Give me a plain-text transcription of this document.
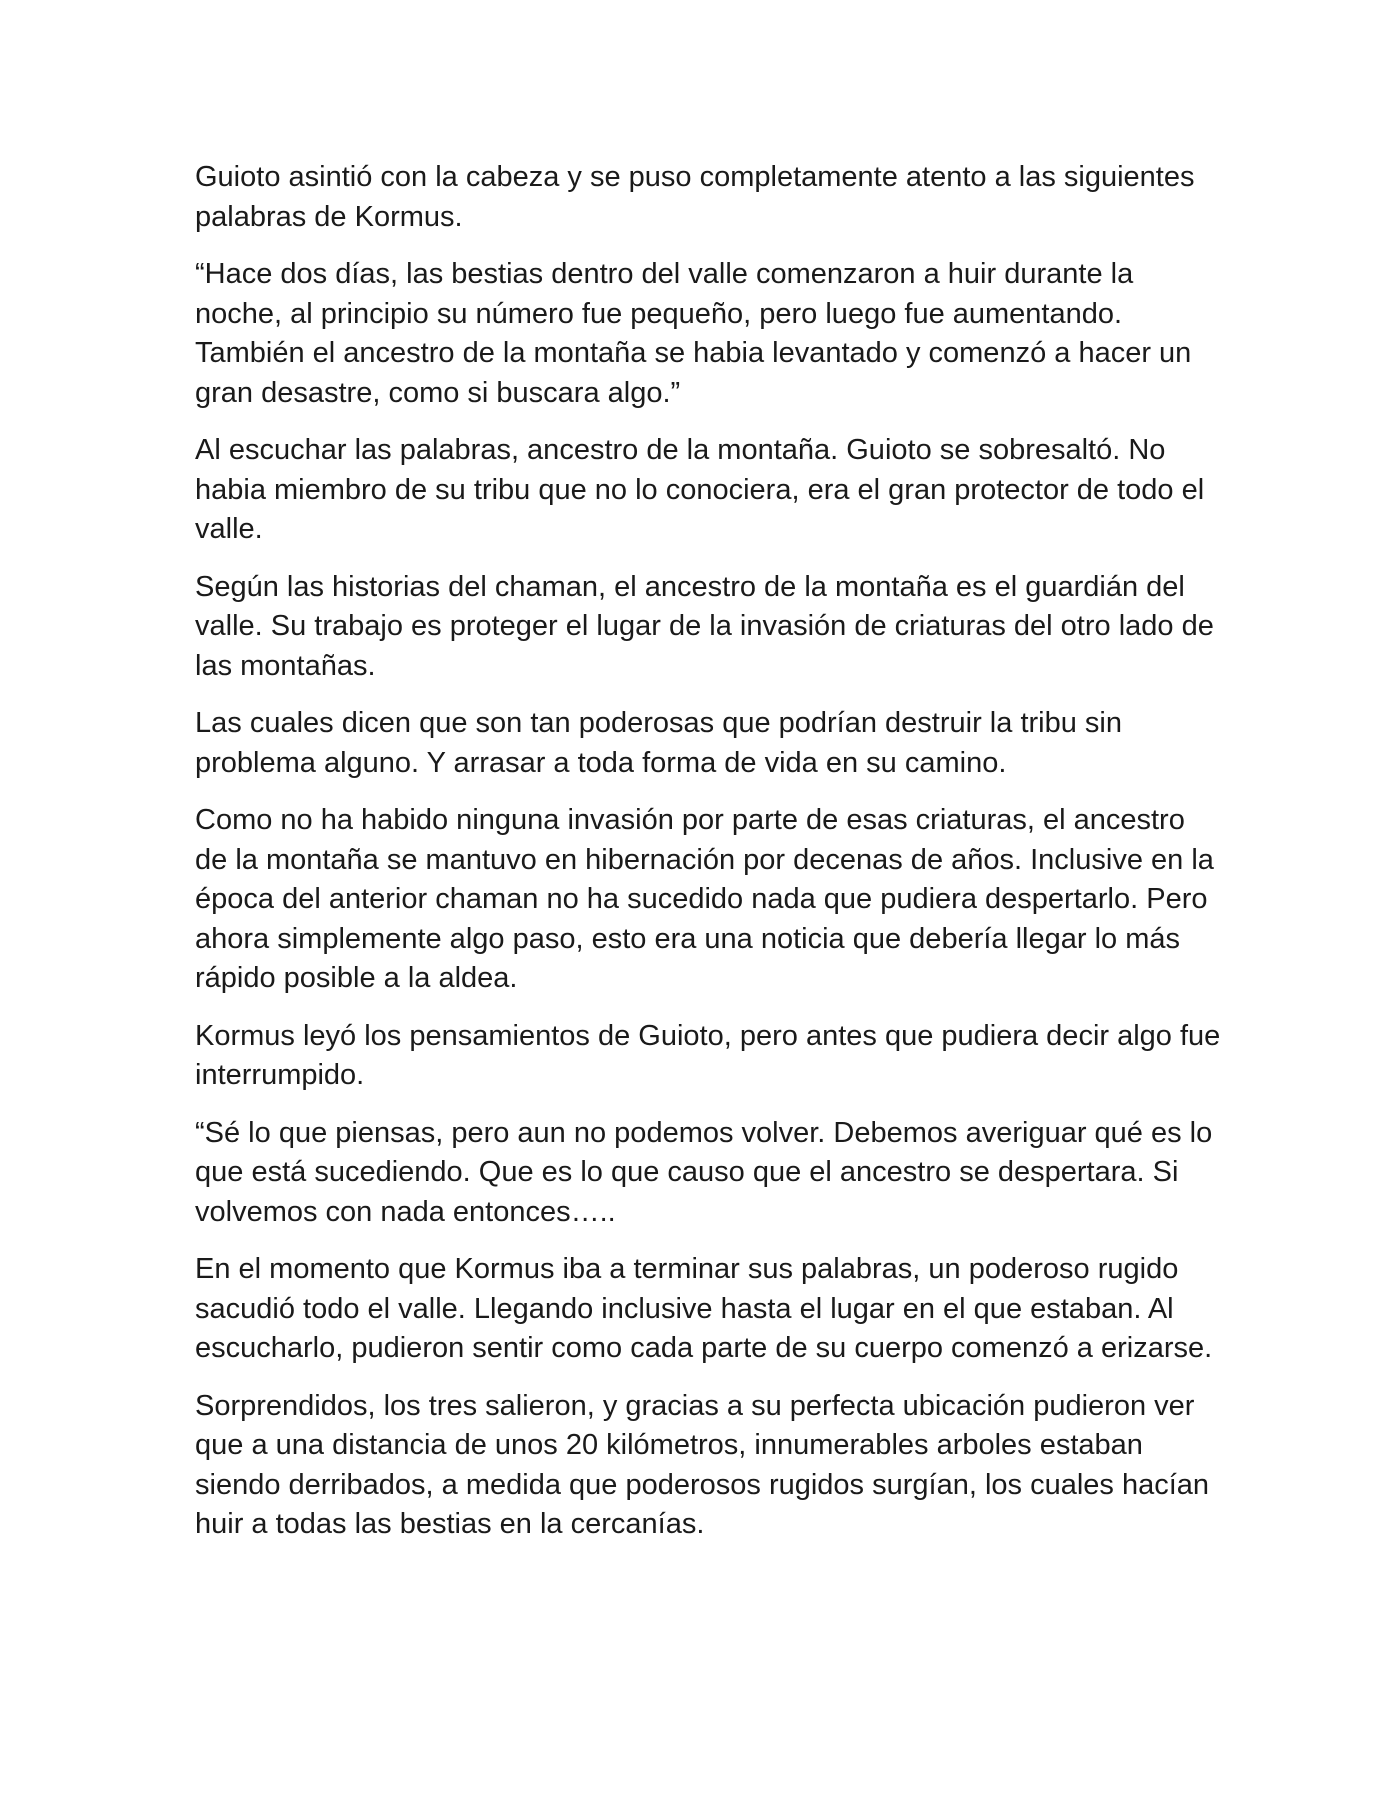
Guioto asintió con la cabeza y se puso completamente atento a las siguientes palabras de Kormus.

“Hace dos días, las bestias dentro del valle comenzaron a huir durante la noche, al principio su número fue pequeño, pero luego fue aumentando. También el ancestro de la montaña se habia levantado y comenzó a hacer un gran desastre, como si buscara algo.”

Al escuchar las palabras, ancestro de la montaña. Guioto se sobresaltó. No habia miembro de su tribu que no lo conociera, era el gran protector de todo el valle.

Según las historias del chaman, el ancestro de la montaña es el guardián del valle. Su trabajo es proteger el lugar de la invasión de criaturas del otro lado de las montañas.

Las cuales dicen que son tan poderosas que podrían destruir la tribu sin problema alguno. Y arrasar a toda forma de vida en su camino.

Como no ha habido ninguna invasión por parte de esas criaturas, el ancestro de la montaña se mantuvo en hibernación por decenas de años. Inclusive en la época del anterior chaman no ha sucedido nada que pudiera despertarlo. Pero ahora simplemente algo paso, esto era una noticia que debería llegar lo más rápido posible a la aldea.

Kormus leyó los pensamientos de Guioto, pero antes que pudiera decir algo fue interrumpido.

“Sé lo que piensas, pero aun no podemos volver. Debemos averiguar qué es lo que está sucediendo. Que es lo que causo que el ancestro se despertara. Si volvemos con nada entonces…..

En el momento que Kormus iba a terminar sus palabras, un poderoso rugido sacudió todo el valle. Llegando inclusive hasta el lugar en el que estaban. Al escucharlo, pudieron sentir como cada parte de su cuerpo comenzó a erizarse.

Sorprendidos, los tres salieron, y gracias a su perfecta ubicación pudieron ver que a una distancia de unos 20 kilómetros, innumerables arboles estaban siendo derribados, a medida que poderosos rugidos surgían, los cuales hacían huir a todas las bestias en la cercanías.
